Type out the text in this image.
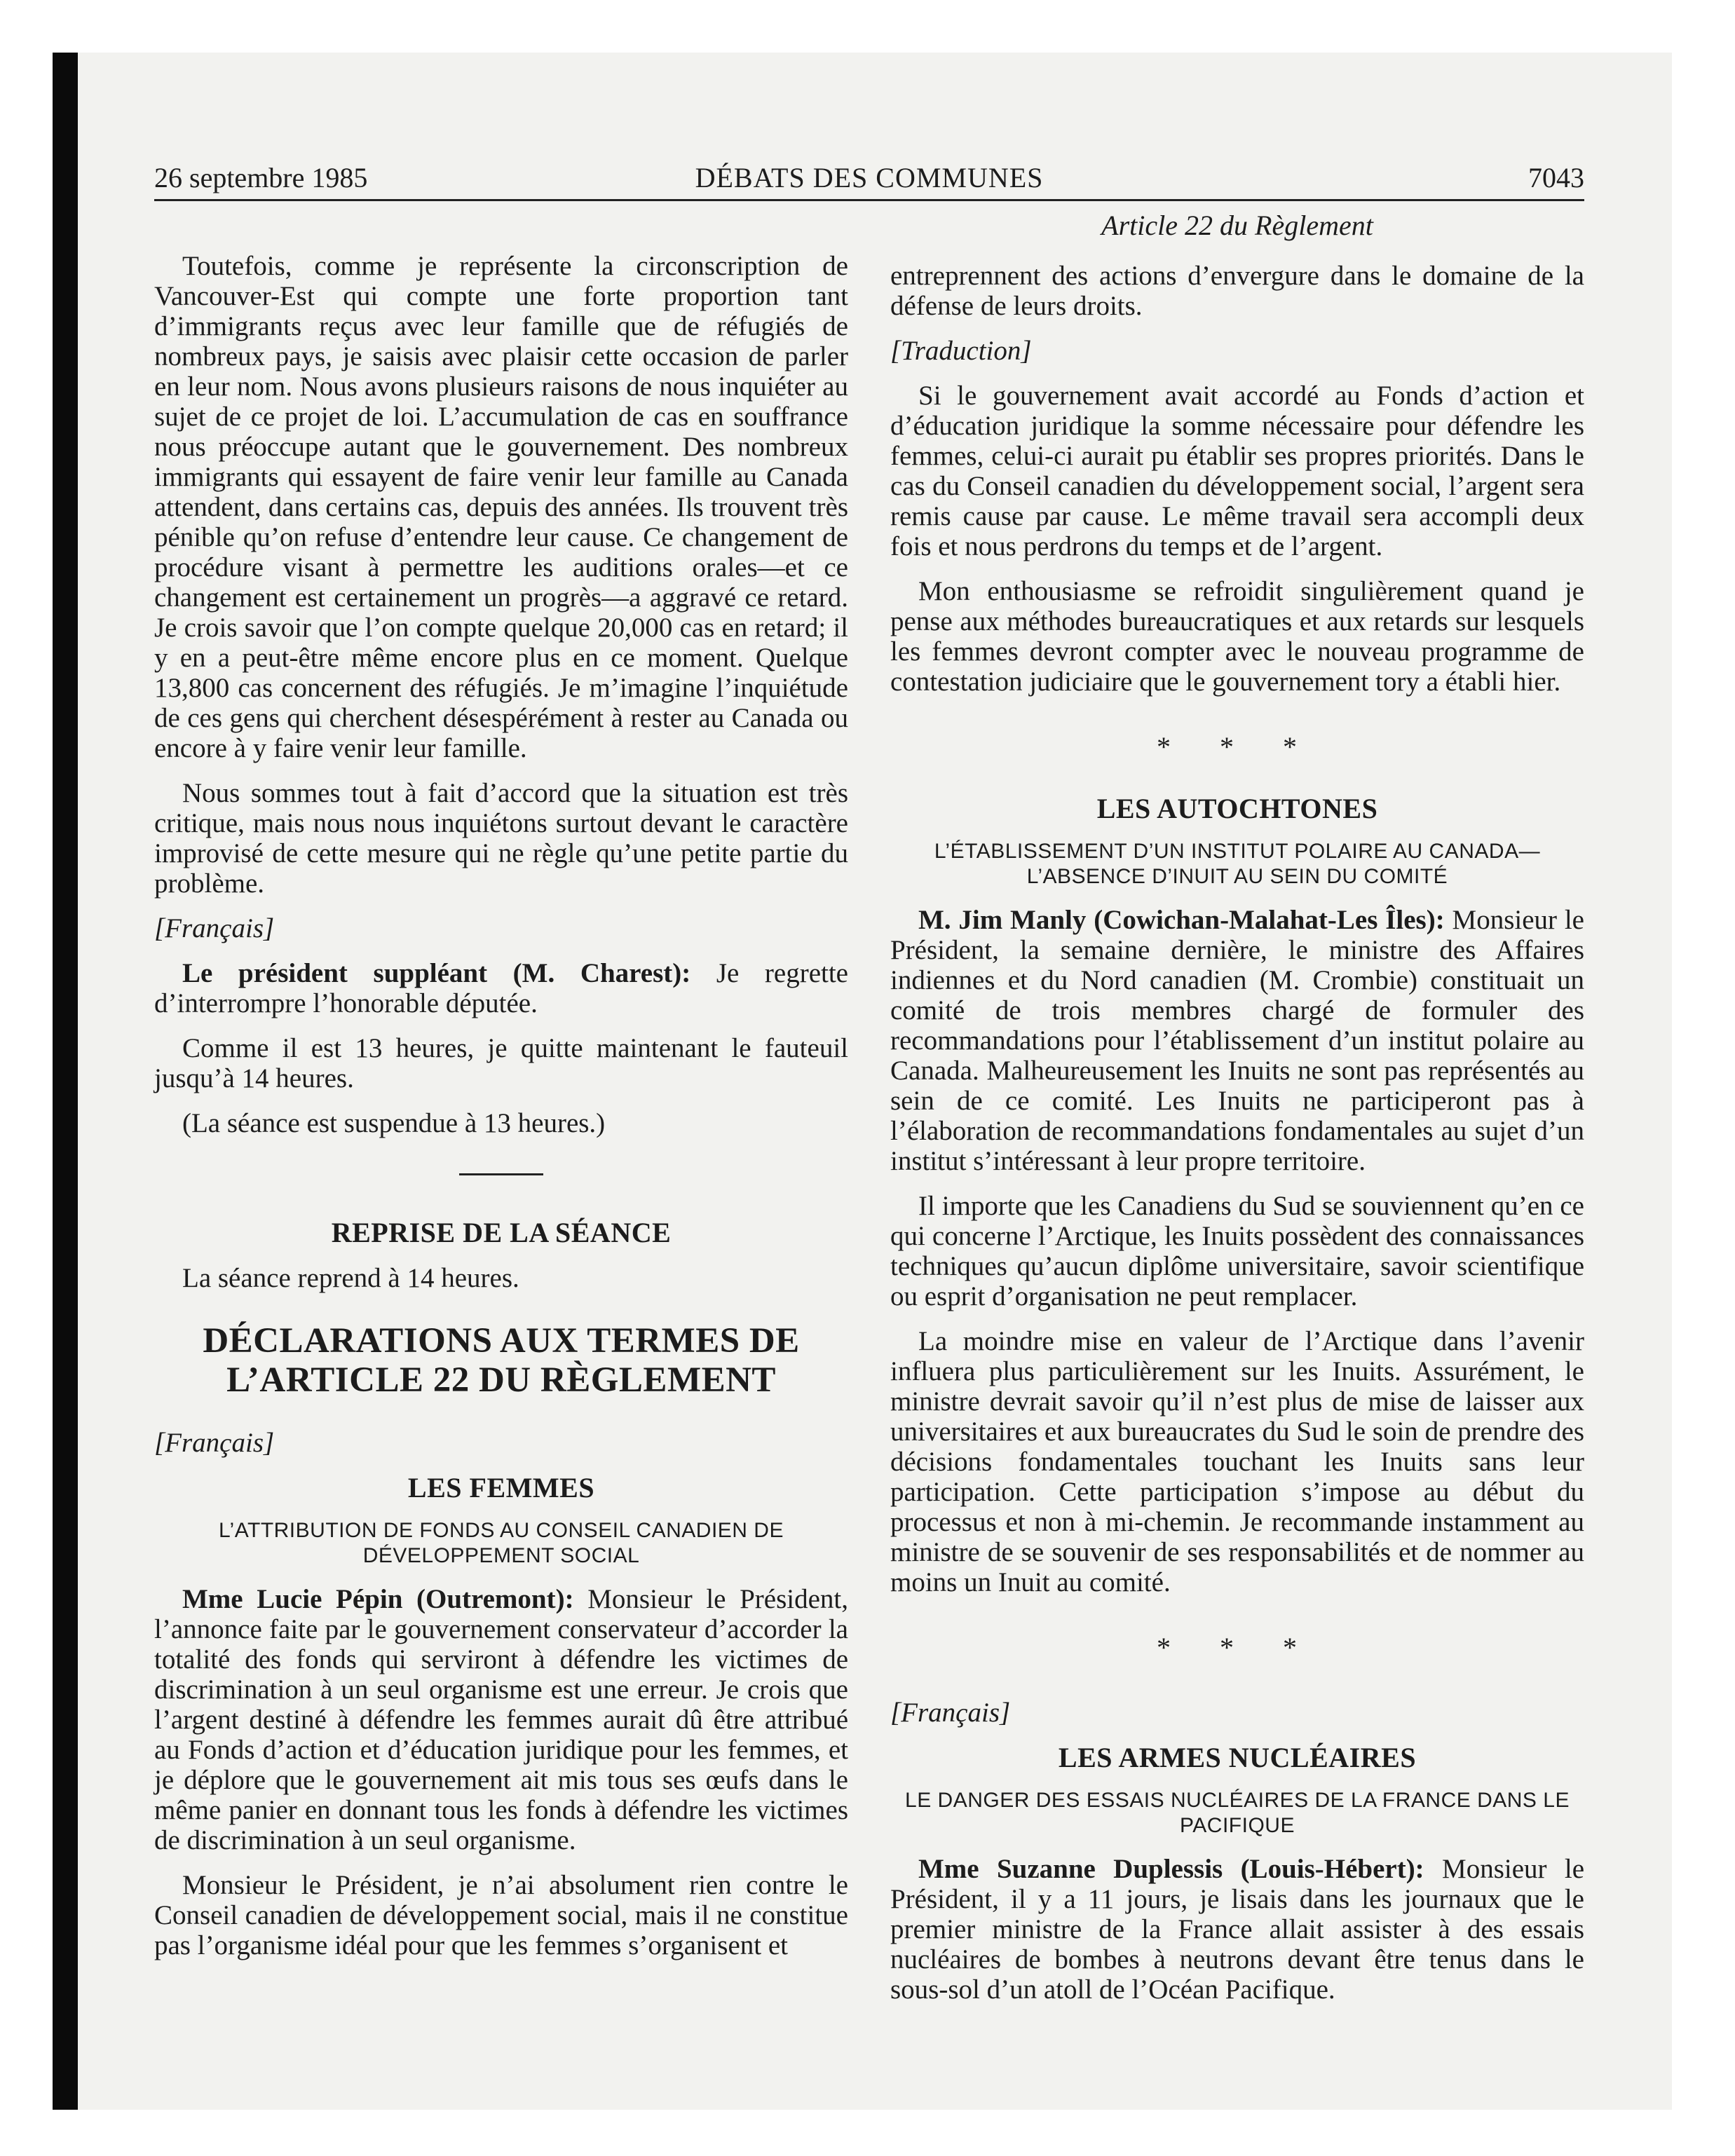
26 septembre 1985	DÉBATS DES COMMUNES	7043
Article 22 du Règlement

Toutefois, comme je représente la circonscription de Vancouver-Est qui compte une forte proportion tant d’immigrants reçus avec leur famille que de réfugiés de nombreux pays, je saisis avec plaisir cette occasion de parler en leur nom. Nous avons plusieurs raisons de nous inquiéter au sujet de ce projet de loi. L’accumulation de cas en souffrance nous préoccupe autant que le gouvernement. Des nombreux immigrants qui essayent de faire venir leur famille au Canada attendent, dans certains cas, depuis des années. Ils trouvent très pénible qu’on refuse d’entendre leur cause. Ce changement de procédure visant à permettre les auditions orales—et ce changement est certainement un progrès—a aggravé ce retard. Je crois savoir que l’on compte quelque 20,000 cas en retard; il y en a peut-être même encore plus en ce moment. Quelque 13,800 cas concernent des réfugiés. Je m’imagine l’inquiétude de ces gens qui cherchent désespérément à rester au Canada ou encore à y faire venir leur famille.

Nous sommes tout à fait d’accord que la situation est très critique, mais nous nous inquiétons surtout devant le caractère improvisé de cette mesure qui ne règle qu’une petite partie du problème.

[Français]

Le président suppléant (M. Charest): Je regrette d’interrompre l’honorable députée.

Comme il est 13 heures, je quitte maintenant le fauteuil jusqu’à 14 heures.

(La séance est suspendue à 13 heures.)

REPRISE DE LA SÉANCE

La séance reprend à 14 heures.

DÉCLARATIONS AUX TERMES DE
L’ARTICLE 22 DU RÈGLEMENT
[Français]
LES FEMMES
L’ATTRIBUTION DE FONDS AU CONSEIL CANADIEN DE DÉVELOPPEMENT SOCIAL

Mme Lucie Pépin (Outremont): Monsieur le Président, l’annonce faite par le gouvernement conservateur d’accorder la totalité des fonds qui serviront à défendre les victimes de discrimination à un seul organisme est une erreur. Je crois que l’argent destiné à défendre les femmes aurait dû être attribué au Fonds d’action et d’éducation juridique pour les femmes, et je déplore que le gouvernement ait mis tous ses œufs dans le même panier en donnant tous les fonds à défendre les victimes de discrimination à un seul organisme.

Monsieur le Président, je n’ai absolument rien contre le Conseil canadien de développement social, mais il ne constitue pas l’organisme idéal pour que les femmes s’organisent et

entreprennent des actions d’envergure dans le domaine de la défense de leurs droits.

[Traduction]

Si le gouvernement avait accordé au Fonds d’action et d’éducation juridique la somme nécessaire pour défendre les femmes, celui-ci aurait pu établir ses propres priorités. Dans le cas du Conseil canadien du développement social, l’argent sera remis cause par cause. Le même travail sera accompli deux fois et nous perdrons du temps et de l’argent.

Mon enthousiasme se refroidit singulièrement quand je pense aux méthodes bureaucratiques et aux retards sur lesquels les femmes devront compter avec le nouveau programme de contestation judiciaire que le gouvernement tory a établi hier.

* * *
LES AUTOCHTONES
L’ÉTABLISSEMENT D’UN INSTITUT POLAIRE AU CANADA—L’ABSENCE D’INUIT AU SEIN DU COMITÉ

M. Jim Manly (Cowichan-Malahat-Les Îles): Monsieur le Président, la semaine dernière, le ministre des Affaires indiennes et du Nord canadien (M. Crombie) constituait un comité de trois membres chargé de formuler des recommandations pour l’établissement d’un institut polaire au Canada. Malheureusement les Inuits ne sont pas représentés au sein de ce comité. Les Inuits ne participeront pas à l’élaboration de recommandations fondamentales au sujet d’un institut s’intéressant à leur propre territoire.

Il importe que les Canadiens du Sud se souviennent qu’en ce qui concerne l’Arctique, les Inuits possèdent des connaissances techniques qu’aucun diplôme universitaire, savoir scientifique ou esprit d’organisation ne peut remplacer.

La moindre mise en valeur de l’Arctique dans l’avenir influera plus particulièrement sur les Inuits. Assurément, le ministre devrait savoir qu’il n’est plus de mise de laisser aux universitaires et aux bureaucrates du Sud le soin de prendre des décisions fondamentales touchant les Inuits sans leur participation. Cette participation s’impose au début du processus et non à mi-chemin. Je recommande instamment au ministre de se souvenir de ses responsabilités et de nommer au moins un Inuit au comité.

* * *
[Français]
LES ARMES NUCLÉAIRES
LE DANGER DES ESSAIS NUCLÉAIRES DE LA FRANCE DANS LE PACIFIQUE

Mme Suzanne Duplessis (Louis-Hébert): Monsieur le Président, il y a 11 jours, je lisais dans les journaux que le premier ministre de la France allait assister à des essais nucléaires de bombes à neutrons devant être tenus dans le sous-sol d’un atoll de l’Océan Pacifique.
